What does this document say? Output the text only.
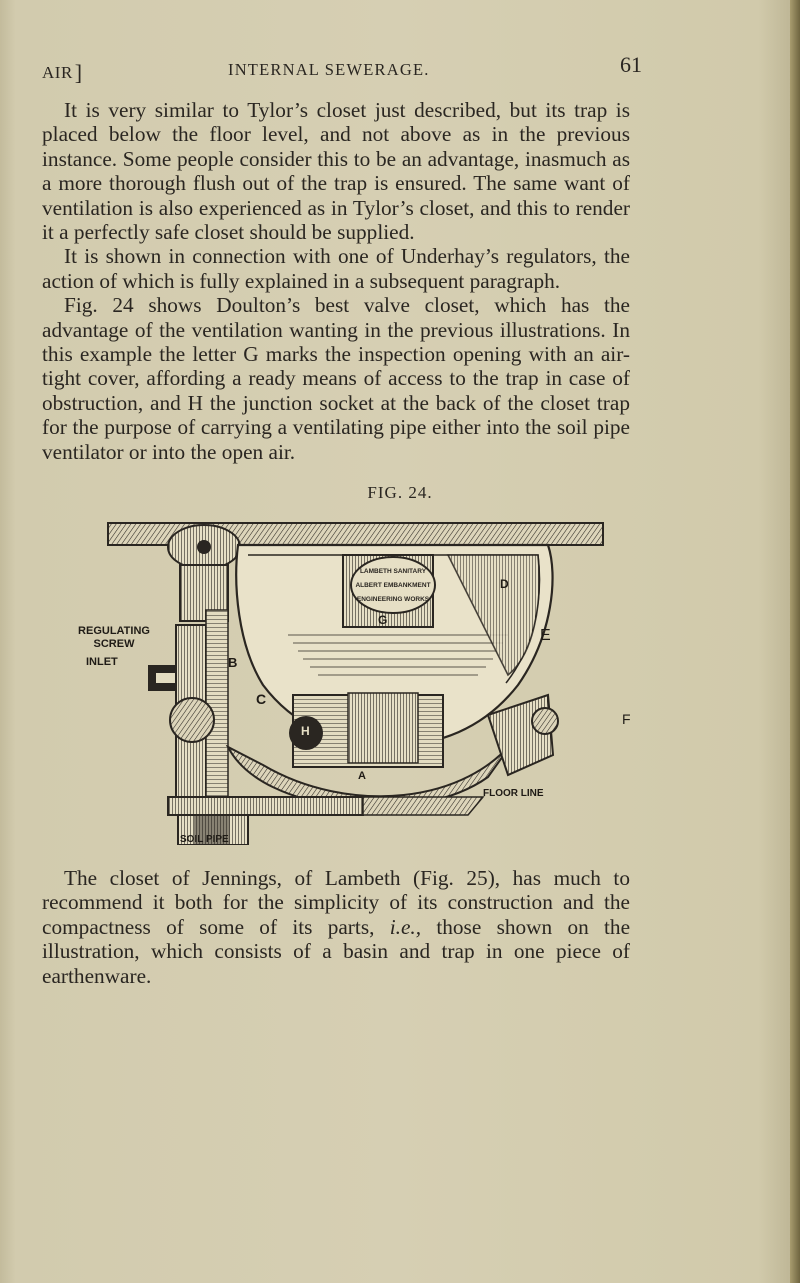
AIR]	INTERNAL SEWERAGE.	61

It is very similar to Tylor’s closet just described, but its trap is placed below the floor level, and not above as in the previous instance. Some people consider this to be an advantage, inasmuch as a more thorough flush out of the trap is ensured. The same want of ventilation is also experienced as in Tylor’s closet, and this to render it a perfectly safe closet should be supplied.

It is shown in connection with one of Underhay’s regulators, the action of which is fully explained in a subsequent paragraph.

Fig. 24 shows Doulton’s best valve closet, which has the advantage of the ventilation wanting in the previous illustrations. In this example the letter G marks the inspection opening with an air-tight cover, affording a ready means of access to the trap in case of obstruction, and H the junction socket at the back of the closet trap for the purpose of carrying a ventilating pipe either into the soil pipe ventilator or into the open air.

FIG. 24.
LAMBETH SANITARY
ALBERT EMBANKMENT
ENGINEERING WORKS
REGULATING SCREW
INLET	B
C
G
D
E
F
H
A
FLOOR LINE
SOIL PIPE

The closet of Jennings, of Lambeth (Fig. 25), has much to recommend it both for the simplicity of its construction and the compactness of some of its parts, i.e., those shown on the illustration, which consists of a basin and trap in one piece of earthenware.
